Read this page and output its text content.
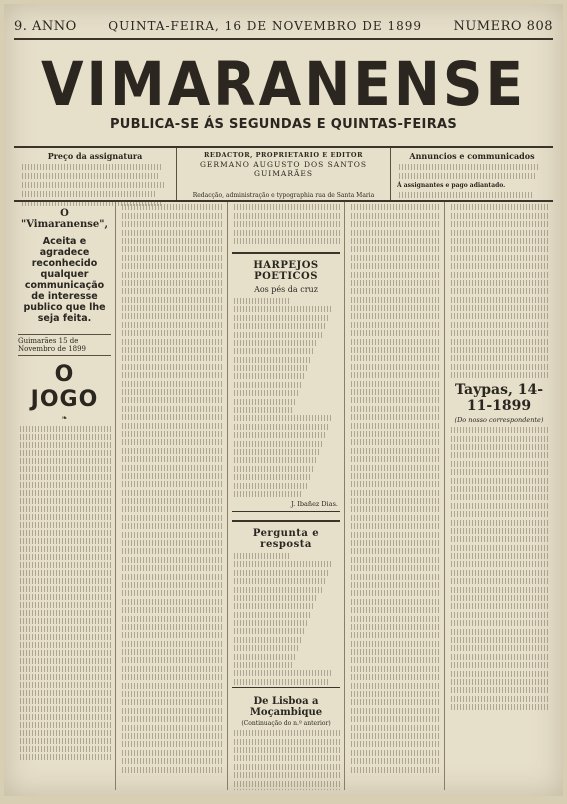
9. ANNO	QUINTA-FEIRA, 16 DE NOVEMBRO DE 1899 NUMERO 808
VIMARANENSE
PUBLICA-SE ÁS SEGUNDAS E QUINTAS-FEIRAS
Preço da assignatura	REDACTOR, PROPRIETARIO E EDITOR
GERMANO AUGUSTO DOS SANTOS GUIMARÃES
Redacção, administração e typographia rua de Santa Maria
Annuncios e communicados
Á assignantes e pago adiantado.
O "Vimaranense",
Aceita e agradece reconhecido qualquer communicação de interesse publico que lhe seja feita.
Guimarães 15 de Novembro de 1899
O JOGO
❧
HARPEJOS POETICOS
Aos pés da cruz
J. Ibañez Dias.
Pergunta e resposta
De Lisboa a Moçambique
(Continuação do n.º anterior)
Taypas, 14-11-1899
(Do nosso correspondente)
